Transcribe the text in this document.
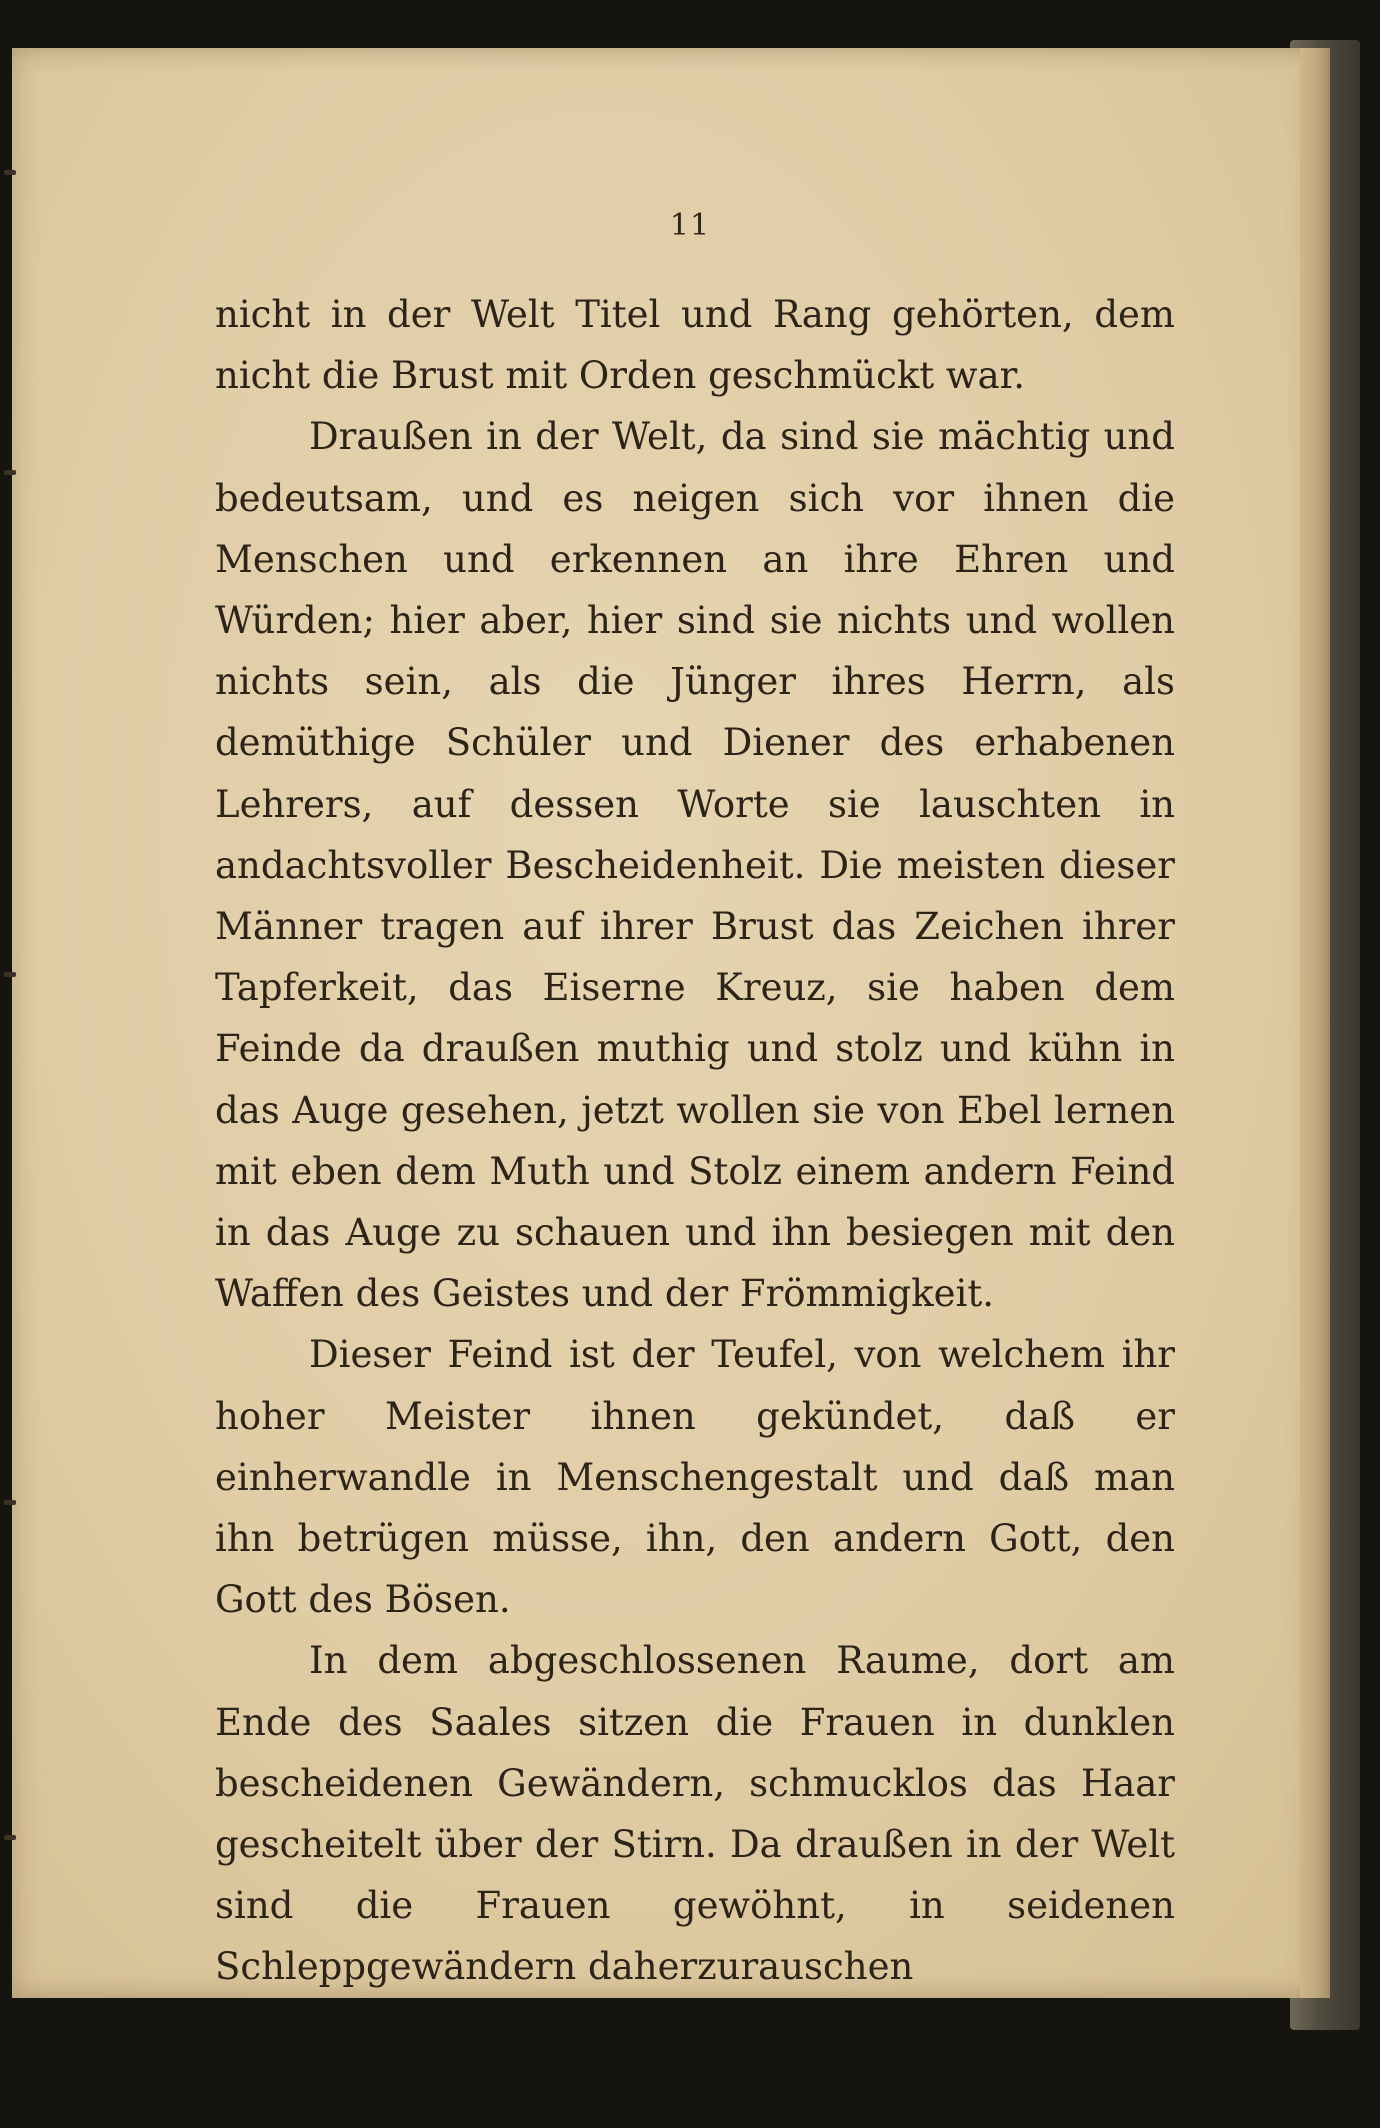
11

nicht in der Welt Titel und Rang gehörten, dem nicht die Brust mit Orden geschmückt war.

Draußen in der Welt, da sind sie mächtig und bedeutsam, und es neigen sich vor ihnen die Menschen und erkennen an ihre Ehren und Würden; hier aber, hier sind sie nichts und wollen nichts sein, als die Jünger ihres Herrn, als demüthige Schüler und Diener des erhabenen Lehrers, auf dessen Worte sie lauschten in andachtsvoller Bescheidenheit. Die meisten dieser Männer tragen auf ihrer Brust das Zeichen ihrer Tapferkeit, das Eiserne Kreuz, sie haben dem Feinde da draußen muthig und stolz und kühn in das Auge gesehen, jetzt wollen sie von Ebel lernen mit eben dem Muth und Stolz einem andern Feind in das Auge zu schauen und ihn besiegen mit den Waffen des Geistes und der Frömmigkeit.

Dieser Feind ist der Teufel, von welchem ihr hoher Meister ihnen gekündet, daß er einherwandle in Menschengestalt und daß man ihn betrügen müsse, ihn, den andern Gott, den Gott des Bösen.

In dem abgeschlossenen Raume, dort am Ende des Saales sitzen die Frauen in dunklen bescheidenen Gewändern, schmucklos das Haar gescheitelt über der Stirn. Da draußen in der Welt sind die Frauen gewöhnt, in seidenen Schleppgewändern daherzurauschen
